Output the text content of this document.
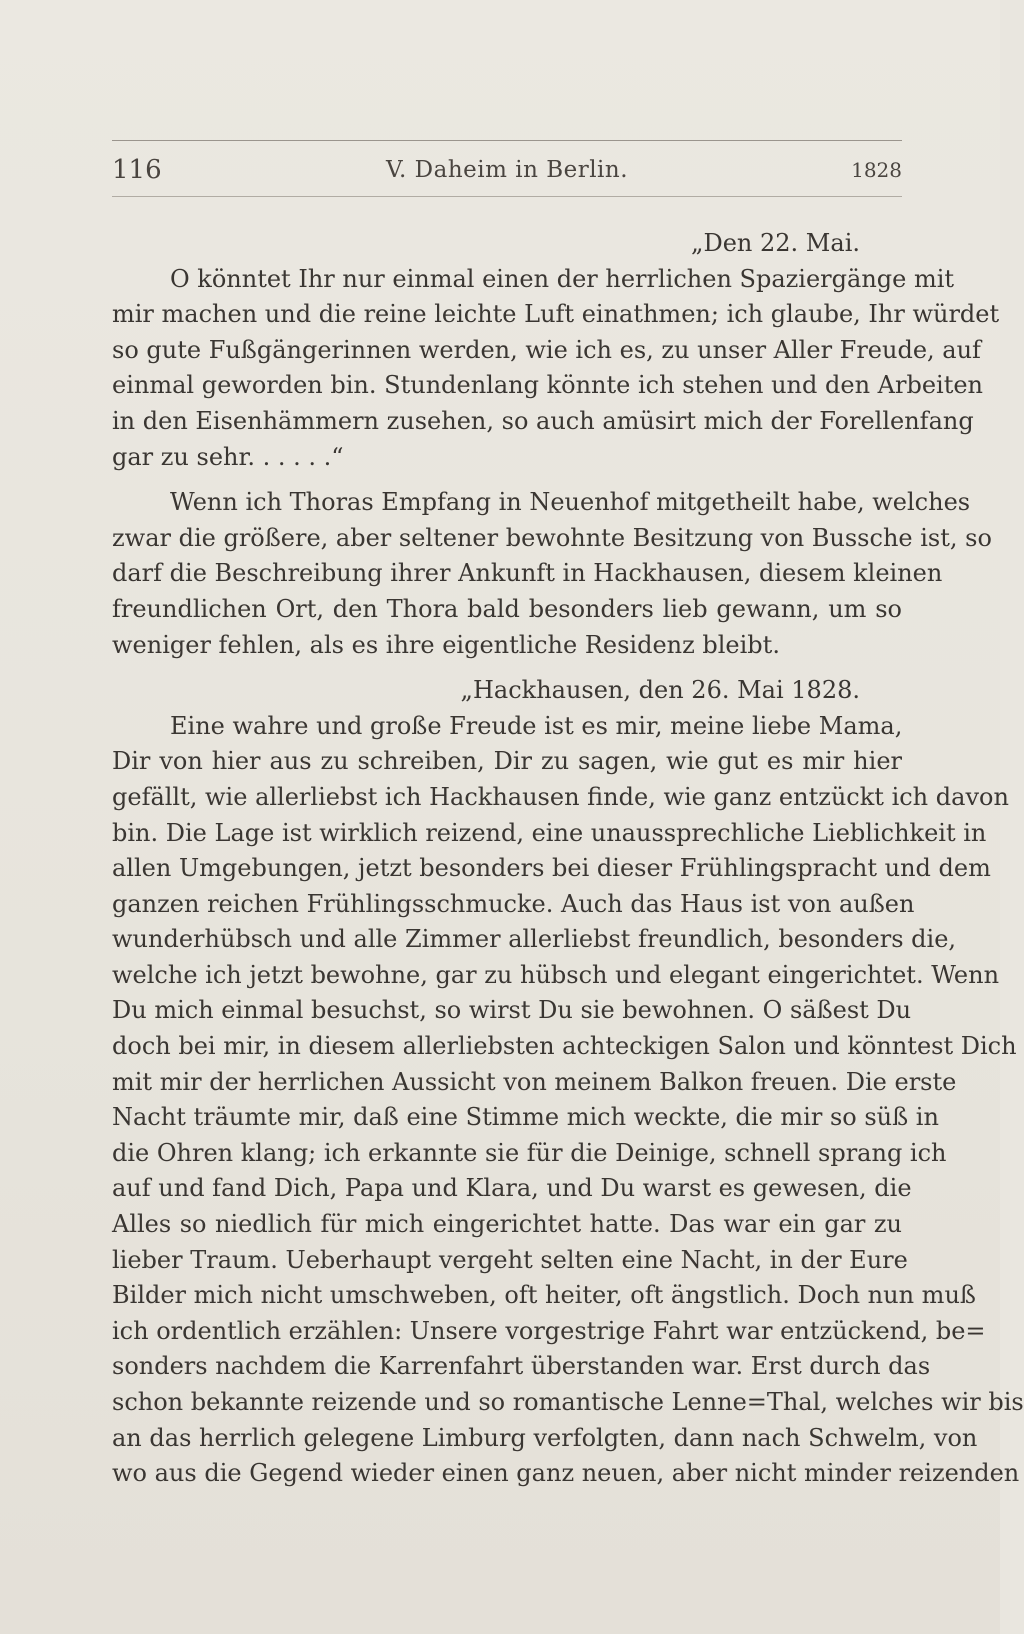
116	V. Daheim in Berlin.	1828
„Den 22. Mai.
O könntet Ihr nur einmal einen der herrlichen Spaziergänge mit
mir machen und die reine leichte Luft einathmen; ich glaube, Ihr würdet
so gute Fußgängerinnen werden, wie ich es, zu unser Aller Freude, auf
einmal geworden bin. Stundenlang könnte ich stehen und den Arbeiten
in den Eisenhämmern zusehen, so auch amüsirt mich der Forellenfang
gar zu sehr. . . . . .“
Wenn ich Thoras Empfang in Neuenhof mitgetheilt habe, welches
zwar die größere, aber seltener bewohnte Besitzung von Bussche ist, so
darf die Beschreibung ihrer Ankunft in Hackhausen, diesem kleinen
freundlichen Ort, den Thora bald besonders lieb gewann, um so
weniger fehlen, als es ihre eigentliche Residenz bleibt.
„Hackhausen, den 26. Mai 1828.
Eine wahre und große Freude ist es mir, meine liebe Mama,
Dir von hier aus zu schreiben, Dir zu sagen, wie gut es mir hier
gefällt, wie allerliebst ich Hackhausen finde, wie ganz entzückt ich davon
bin. Die Lage ist wirklich reizend, eine unaussprechliche Lieblichkeit in
allen Umgebungen, jetzt besonders bei dieser Frühlingspracht und dem
ganzen reichen Frühlingsschmucke. Auch das Haus ist von außen
wunderhübsch und alle Zimmer allerliebst freundlich, besonders die,
welche ich jetzt bewohne, gar zu hübsch und elegant eingerichtet. Wenn
Du mich einmal besuchst, so wirst Du sie bewohnen. O säßest Du
doch bei mir, in diesem allerliebsten achteckigen Salon und könntest Dich
mit mir der herrlichen Aussicht von meinem Balkon freuen. Die erste
Nacht träumte mir, daß eine Stimme mich weckte, die mir so süß in
die Ohren klang; ich erkannte sie für die Deinige, schnell sprang ich
auf und fand Dich, Papa und Klara, und Du warst es gewesen, die
Alles so niedlich für mich eingerichtet hatte. Das war ein gar zu
lieber Traum. Ueberhaupt vergeht selten eine Nacht, in der Eure
Bilder mich nicht umschweben, oft heiter, oft ängstlich. Doch nun muß
ich ordentlich erzählen: Unsere vorgestrige Fahrt war entzückend, be=
sonders nachdem die Karrenfahrt überstanden war. Erst durch das
schon bekannte reizende und so romantische Lenne=Thal, welches wir bis
an das herrlich gelegene Limburg verfolgten, dann nach Schwelm, von
wo aus die Gegend wieder einen ganz neuen, aber nicht minder reizenden
